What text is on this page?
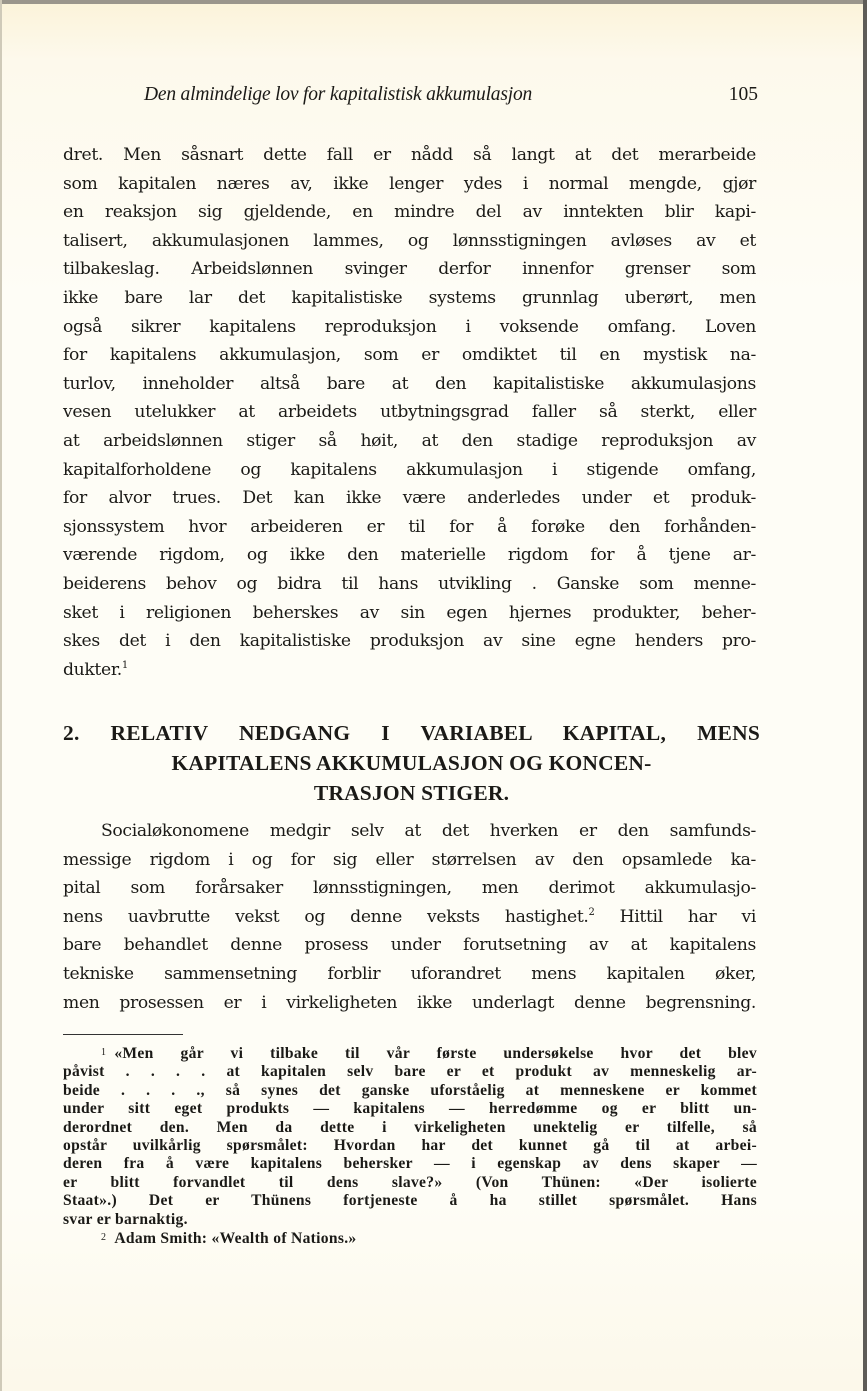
Den almindelige lov for kapitalistisk akkumulasjon	105
dret. Men såsnart dette fall er nådd så langt at det merarbeide
som kapitalen næres av, ikke lenger ydes i normal mengde, gjør
en reaksjon sig gjeldende, en mindre del av inntekten blir kapi-
talisert, akkumulasjonen lammes, og lønnsstigningen avløses av et
tilbakeslag. Arbeidslønnen svinger derfor innenfor grenser som
ikke bare lar det kapitalistiske systems grunnlag uberørt, men
også sikrer kapitalens reproduksjon i voksende omfang. Loven
for kapitalens akkumulasjon, som er omdiktet til en mystisk na-
turlov, inneholder altså bare at den kapitalistiske akkumulasjons
vesen utelukker at arbeidets utbytningsgrad faller så sterkt, eller
at arbeidslønnen stiger så høit, at den stadige reproduksjon av
kapitalforholdene og kapitalens akkumulasjon i stigende omfang,
for alvor trues. Det kan ikke være anderledes under et produk-
sjonssystem hvor arbeideren er til for å forøke den forhånden-
værende rigdom, og ikke den materielle rigdom for å tjene ar-
beiderens behov og bidra til hans utvikling . Ganske som menne-
sket i religionen beherskes av sin egen hjernes produkter, beher-
skes det i den kapitalistiske produksjon av sine egne henders pro-
dukter.$^1$
2. RELATIV NEDGANG I VARIABEL KAPITAL, MENS
KAPITALENS AKKUMULASJON OG KONCEN-
TRASJON STIGER.
Socialøkonomene medgir selv at det hverken er den samfunds-
messige rigdom i og for sig eller størrelsen av den opsamlede ka-
pital som forårsaker lønnsstigningen, men derimot akkumulasjo-
nens uavbrutte vekst og denne veksts hastighet.$^2$ Hittil har vi
bare behandlet denne prosess under forutsetning av at kapitalens
tekniske sammensetning forblir uforandret mens kapitalen øker,
men prosessen er i virkeligheten ikke underlagt denne begrensning.
1 «Men går vi tilbake til vår første undersøkelse hvor det blev
påvist . . . . at kapitalen selv bare er et produkt av menneskelig ar-
beide . . . ., så synes det ganske uforståelig at menneskene er kommet
under sitt eget produkts — kapitalens — herredømme og er blitt un-
derordnet den. Men da dette i virkeligheten unektelig er tilfelle, så
opstår uvilkårlig spørsmålet: Hvordan har det kunnet gå til at arbei-
deren fra å være kapitalens behersker — i egenskap av dens skaper —
er blitt forvandlet til dens slave?» (Von Thünen: «Der isolierte
Staat».) Det er Thünens fortjeneste å ha stillet spørsmålet. Hans
svar er barnaktig.
2 Adam Smith: «Wealth of Nations.»
